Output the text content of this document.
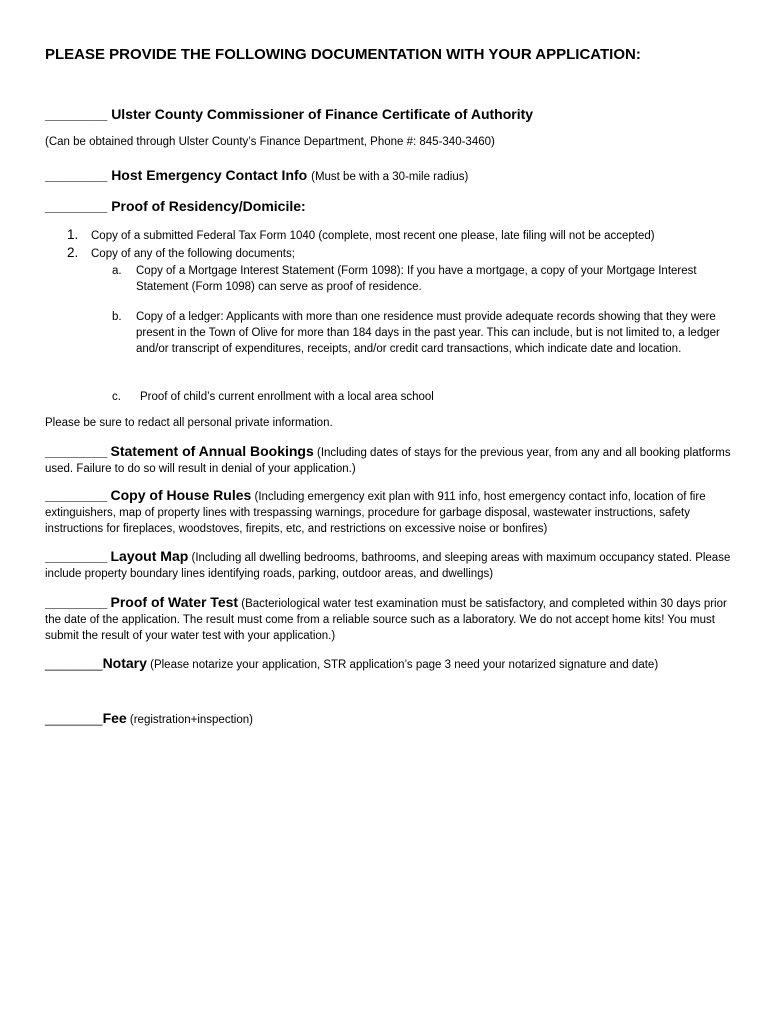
PLEASE PROVIDE THE FOLLOWING DOCUMENTATION WITH YOUR APPLICATION:
________ Ulster County Commissioner of Finance Certificate of Authority
(Can be obtained through Ulster County’s Finance Department, Phone #: 845-340-3460)
________ Host Emergency Contact Info (Must be with a 30-mile radius)
________ Proof of Residency/Domicile:
1. Copy of a submitted Federal Tax Form 1040 (complete, most recent one please, late filing will not be accepted)
2. Copy of any of the following documents;
a. Copy of a Mortgage Interest Statement (Form 1098): If you have a mortgage, a copy of your Mortgage Interest Statement (Form 1098) can serve as proof of residence.
b. Copy of a ledger: Applicants with more than one residence must provide adequate records showing that they were present in the Town of Olive for more than 184 days in the past year. This can include, but is not limited to, a ledger and/or transcript of expenditures, receipts, and/or credit card transactions, which indicate date and location.
c. Proof of child’s current enrollment with a local area school
Please be sure to redact all personal private information.
________ Statement of Annual Bookings (Including dates of stays for the previous year, from any and all booking platforms used. Failure to do so will result in denial of your application.)
________ Copy of House Rules (Including emergency exit plan with 911 info, host emergency contact info, location of fire extinguishers, map of property lines with trespassing warnings, procedure for garbage disposal, wastewater instructions, safety instructions for fireplaces, woodstoves, firepits, etc, and restrictions on excessive noise or bonfires)
________ Layout Map (Including all dwelling bedrooms, bathrooms, and sleeping areas with maximum occupancy stated. Please include property boundary lines identifying roads, parking, outdoor areas, and dwellings)
________ Proof of Water Test (Bacteriological water test examination must be satisfactory, and completed within 30 days prior the date of the application. The result must come from a reliable source such as a laboratory. We do not accept home kits! You must submit the result of your water test with your application.)
_________Notary (Please notarize your application, STR application’s page 3 need your notarized signature and date)
_________Fee (registration+inspection)
